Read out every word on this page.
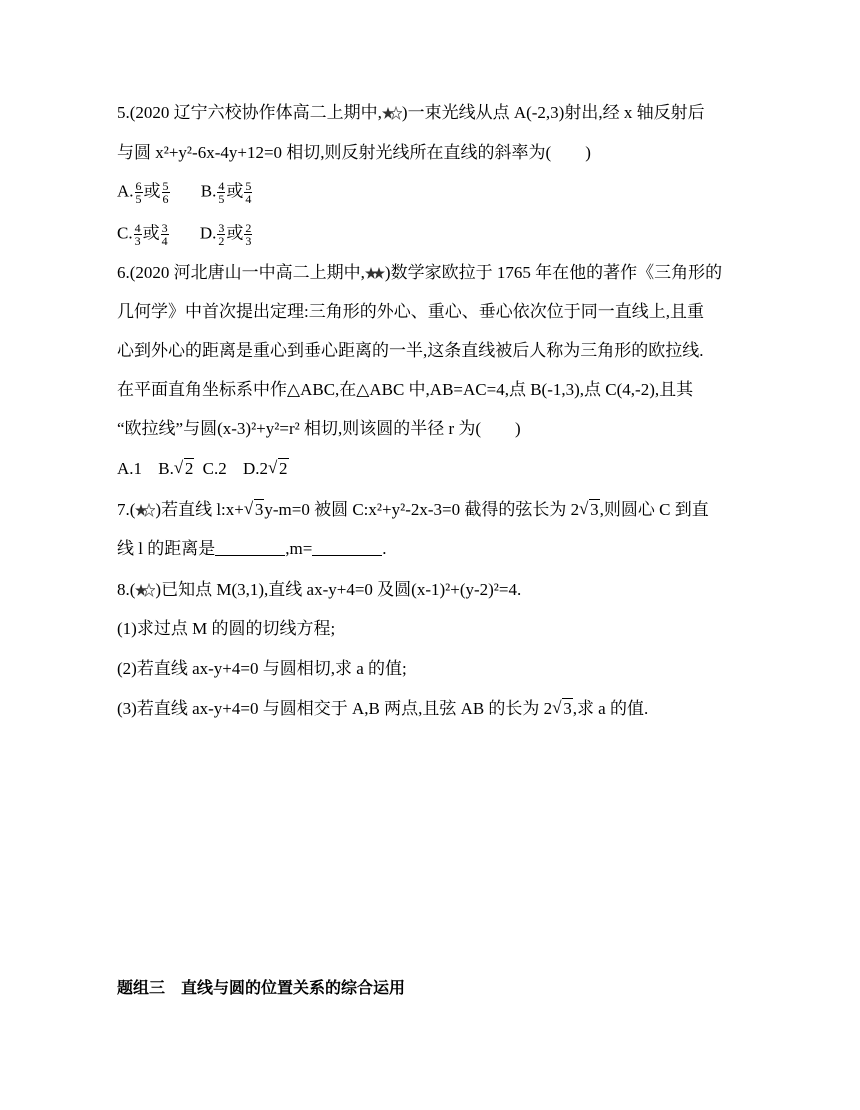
5.(2020 辽宁六校协作体高二上期中, )一束光线从点 A(-2,3)射出,经 x 轴反射后
与圆 x²+y²-6x-4y+12=0 相切,则反射光线所在直线的斜率为(　　)
A. $\frac{6}{5}$ 或 $\frac{5}{6} B$. $\frac{4}{5}$ 或 $\frac{5}{4}$
C. $\frac{4}{3}$ 或 $\frac{3}{4} D$. $\frac{3}{2}$ 或 $\frac{2}{3}$
6.(2020 河北唐山一中高二上期中, )数学家欧拉于 1765 年在他的著作《三角形的
几何学》中首次提出定理:三角形的外心、重心、垂心依次位于同一直线上,且重
心到外心的距离是重心到垂心距离的一半,这条直线被后人称为三角形的欧拉线.
在平面直角坐标系中作△ABC,在△ABC 中,AB=AC=4,点 B(-1,3),点 C(4,-2),且其
“欧拉线”与圆(x-3)²+y²=r² 相切,则该圆的半径 r 为(　　)
A.1 B. √ 2 C.2 D.2 √ 2
7.( )若直线 l:x+ √ 3y-m=0 被圆 C:x²+y²-2x-3=0 截得的弦长为 2 √ 3,则圆心 C 到直
线 l 的距离是	,m=	.
8.( )已知点 M(3,1),直线 ax-y+4=0 及圆(x-1)²+(y-2)²=4.
(1)求过点 M 的圆的切线方程;
(2)若直线 ax-y+4=0 与圆相切,求 a 的值;
(3)若直线 ax-y+4=0 与圆相交于 A,B 两点,且弦 AB 的长为 2 √ 3,求 a 的值.
题组三　直线与圆的位置关系的综合运用
